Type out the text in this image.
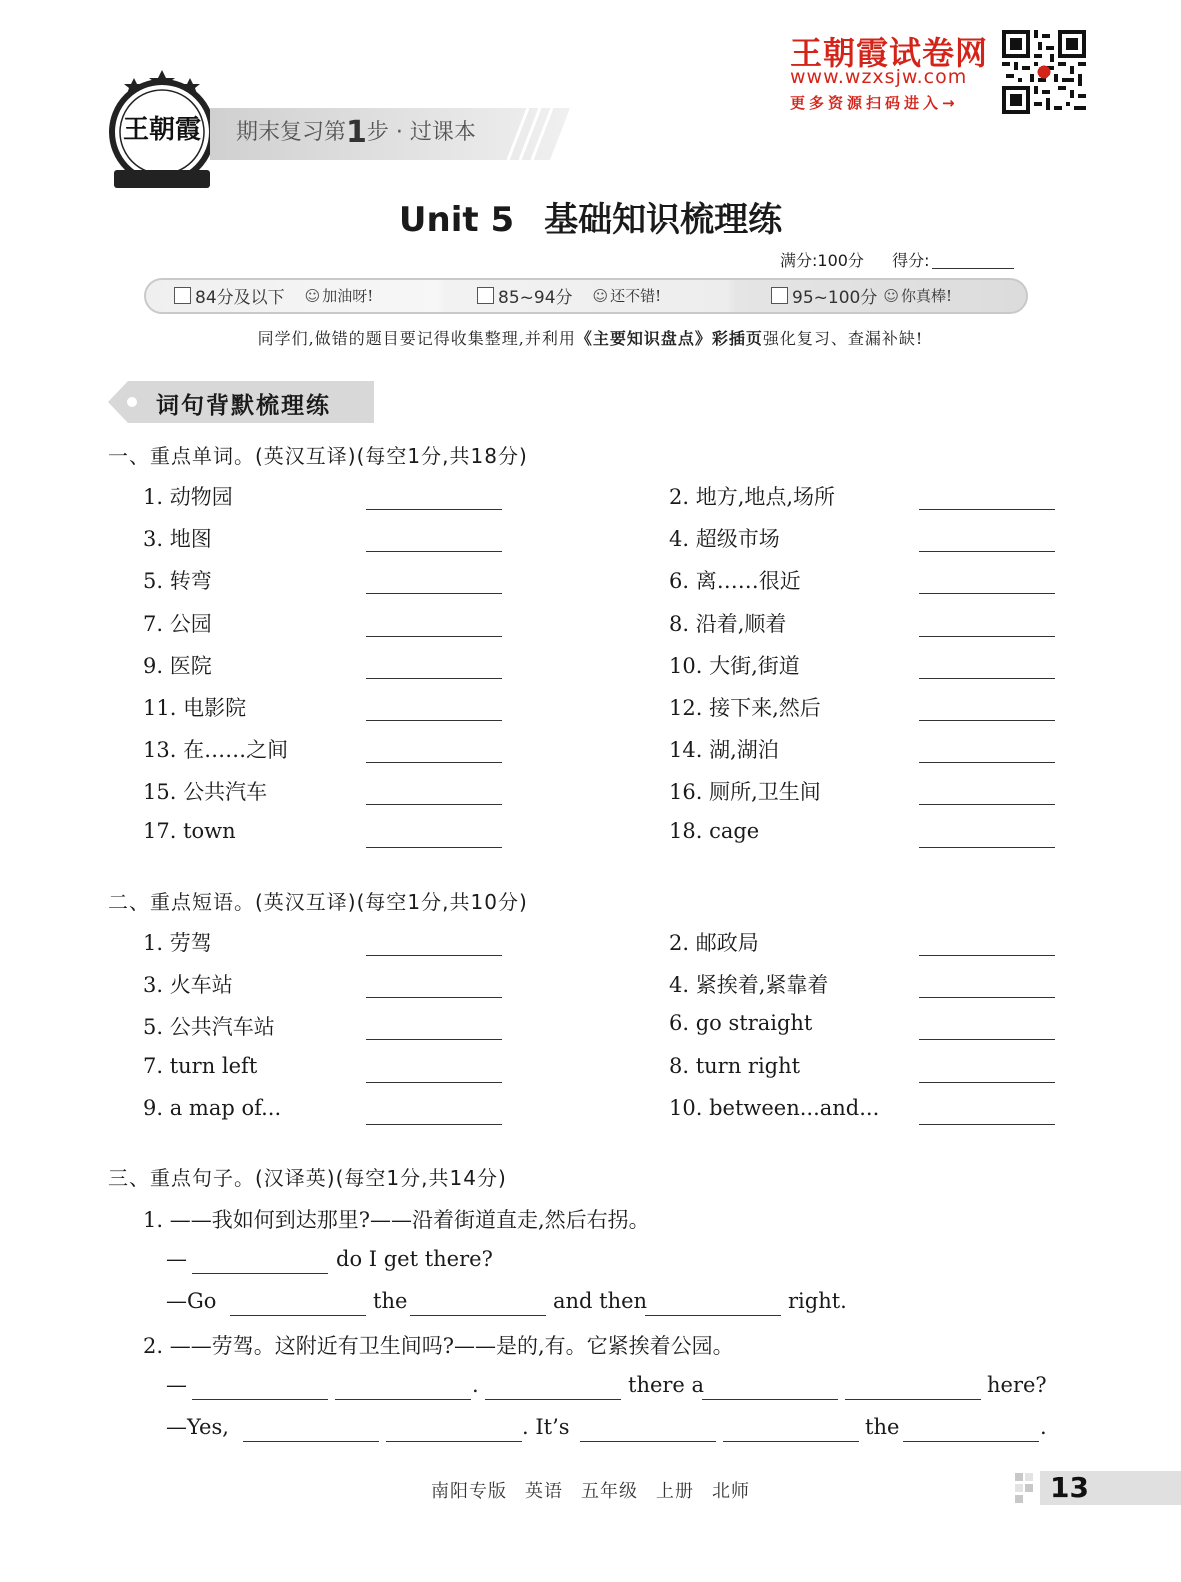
王朝霞 期末复习第1步 · 过课本
王朝霞试卷网
www.wzxsjw.com
更多资源扫码进入→
Unit 5 基础知识梳理练
满分:100分 得分:
84分及以下 ☺ 加油呀!	85~94分 ☺ 还不错!	95~100分 ☺ 你真棒!
同学们,做错的题目要记得收集整理,并利用《主要知识盘点》彩插页强化复习、查漏补缺!
词句背默梳理练
一、重点单词。(英汉互译)(每空1分,共18分)
1. 动物园	2. 地方,地点,场所
3. 地图	4. 超级市场
5. 转弯	6. 离……很近
7. 公园	8. 沿着,顺着
9. 医院	10. 大街,街道
11. 电影院	12. 接下来,然后
13. 在……之间	14. 湖,湖泊
15. 公共汽车	16. 厕所,卫生间
17. town	18. cage
二、重点短语。(英汉互译)(每空1分,共10分)
1. 劳驾	2. 邮政局
3. 火车站	4. 紧挨着,紧靠着
5. 公共汽车站	6. go straight
7. turn left	8. turn right
9. a map of...	10. between...and...
三、重点句子。(汉译英)(每空1分,共14分)
1. ——我如何到达那里?——沿着街道直走,然后右拐。
—	do I get there?
—Go	the	and then	right.
2. ——劳驾。这附近有卫生间吗?——是的,有。它紧挨着公园。
—	.	there a	here?
—Yes,	. It’s	the	.
南阳专版 英语 五年级 上册 北师	13
